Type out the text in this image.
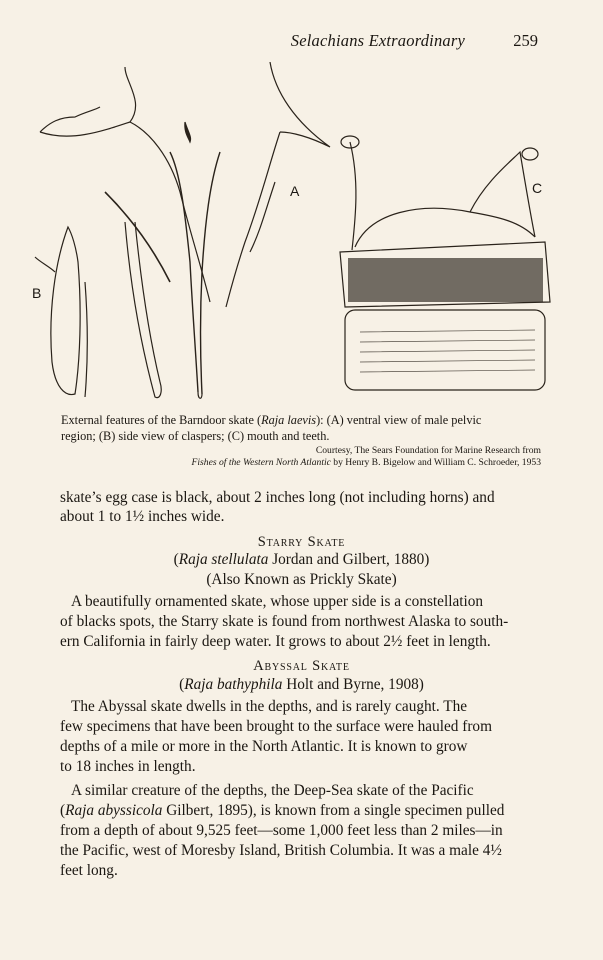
Selachians Extraordinary	259
A
B
C
External features of the Barndoor skate (Raja laevis): (A) ventral view of male pelvic
region; (B) side view of claspers; (C) mouth and teeth.
Courtesy, The Sears Foundation for Marine Research from
Fishes of the Western North Atlantic by Henry B. Bigelow and William C. Schroeder, 1953
skate’s egg case is black, about 2 inches long (not including horns) and
about 1 to 1½ inches wide.
Starry Skate
(Raja stellulata Jordan and Gilbert, 1880)
(Also Known as Prickly Skate)
A beautifully ornamented skate, whose upper side is a constellation
of blacks spots, the Starry skate is found from northwest Alaska to south-
ern California in fairly deep water. It grows to about 2½ feet in length.
Abyssal Skate
(Raja bathyphila Holt and Byrne, 1908)
The Abyssal skate dwells in the depths, and is rarely caught. The
few specimens that have been brought to the surface were hauled from
depths of a mile or more in the North Atlantic. It is known to grow
to 18 inches in length.
A similar creature of the depths, the Deep-Sea skate of the Pacific
(Raja abyssicola Gilbert, 1895), is known from a single specimen pulled
from a depth of about 9,525 feet—some 1,000 feet less than 2 miles—in
the Pacific, west of Moresby Island, British Columbia. It was a male 4½
feet long.
